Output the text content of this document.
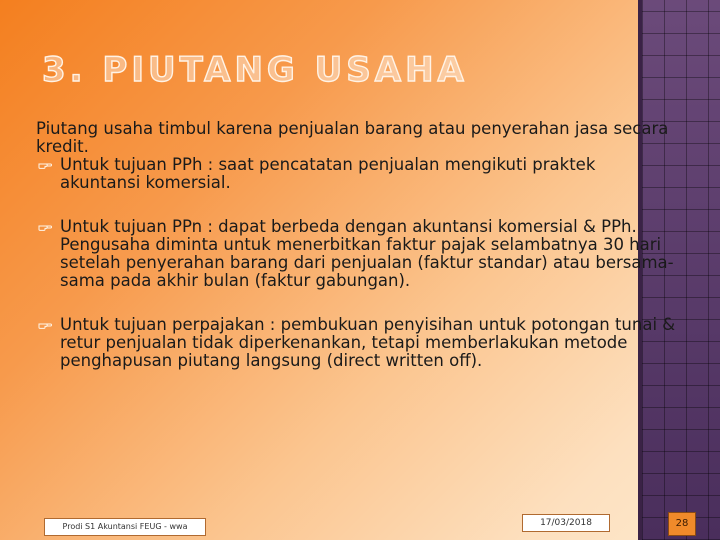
3. PIUTANG USAHA

Piutang usaha timbul karena penjualan barang atau penyerahan jasa secara kredit.

Untuk tujuan PPh : saat pencatatan penjualan mengikuti praktek akuntansi komersial.

Untuk tujuan PPn : dapat berbeda dengan akuntansi komersial & PPh. Pengusaha diminta untuk menerbitkan faktur pajak selambatnya 30 hari setelah penyerahan barang dari penjualan (faktur standar) atau bersama-sama pada akhir bulan (faktur gabungan).

Untuk tujuan perpajakan : pembukuan penyisihan untuk potongan tunai & retur penjualan tidak diperkenankan, tetapi memberlakukan metode penghapusan piutang langsung (direct written off).

Prodi S1 Akuntansi FEUG - wwa	17/03/2018	28
